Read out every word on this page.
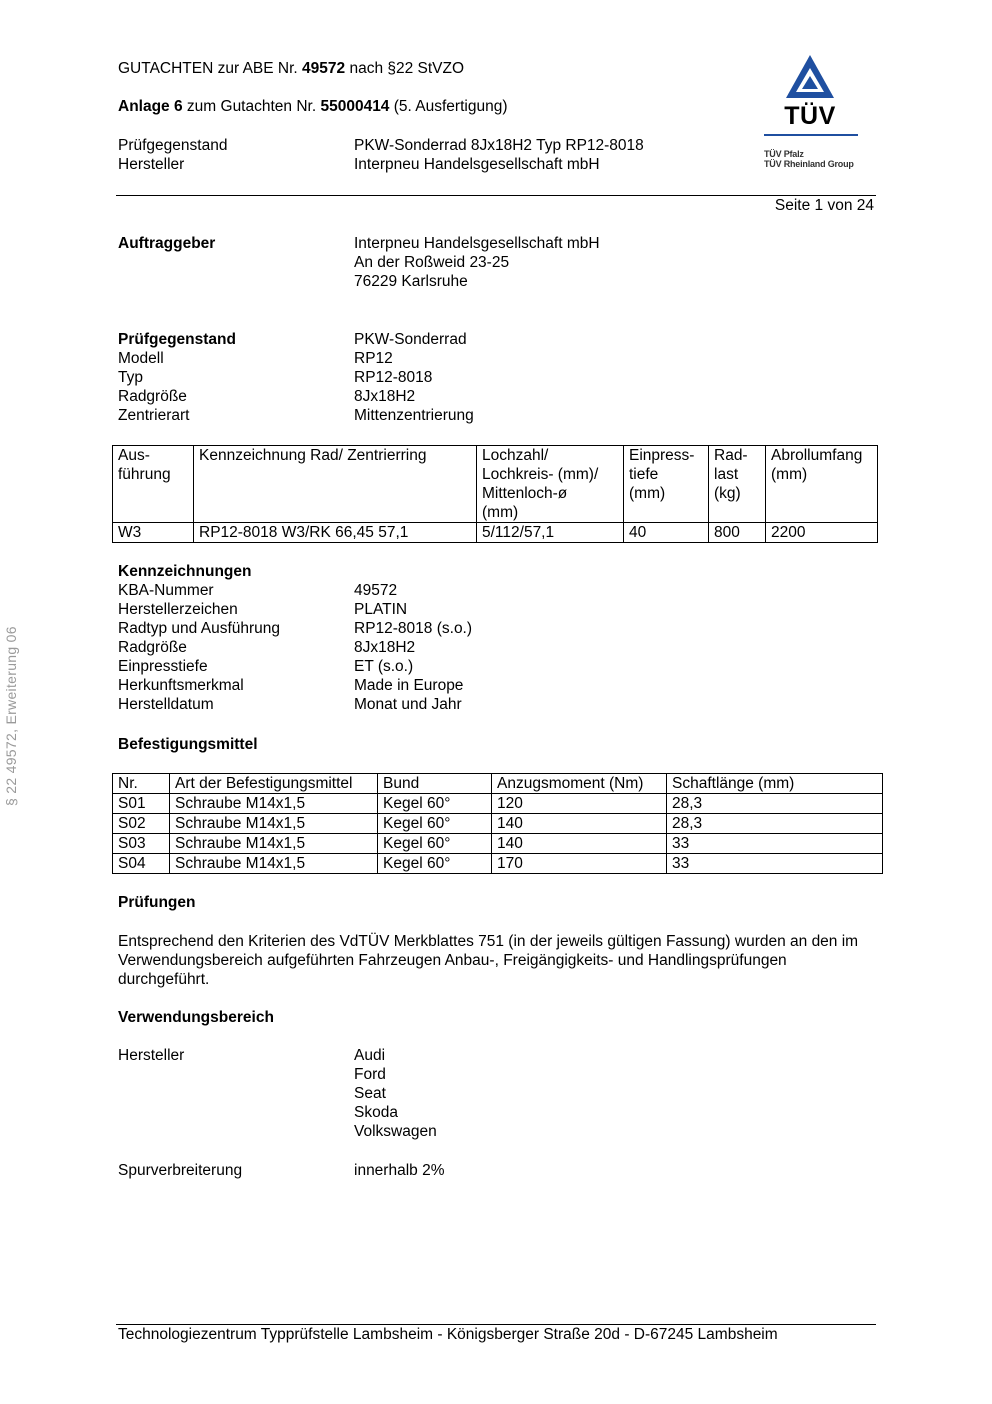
GUTACHTEN zur ABE Nr. 49572 nach §22 StVZO
Anlage 6 zum Gutachten Nr. 55000414 (5. Ausfertigung)
Prüfgegenstand	PKW-Sonderrad 8Jx18H2 Typ RP12-8018
Hersteller	Interpneu Handelsgesellschaft mbH
TÜV
TÜV Pfalz
TÜV Rheinland Group
Seite 1 von 24
Auftraggeber	Interpneu Handelsgesellschaft mbH
An der Roßweid 23-25
76229 Karlsruhe
Prüfgegenstand	PKW-Sonderrad
Modell	RP12
Typ	RP12-8018
Radgröße	8Jx18H2
Zentrierart	Mittenzentrierung
Aus-
führung	Kennzeichnung Rad/ Zentrierring	Lochzahl/
Lochkreis- (mm)/
Mittenloch-ø
(mm)	Einpress-
tiefe
(mm)	Rad-
last
(kg)	Abrollumfang
(mm)
W3	RP12-8018 W3/RK 66,45 57,1	5/112/57,1	40	800	2200
Kennzeichnungen
KBA-Nummer	49572
Herstellerzeichen	PLATIN
Radtyp und Ausführung	RP12-8018 (s.o.)
Radgröße	8Jx18H2
Einpresstiefe	ET (s.o.)
Herkunftsmerkmal	Made in Europe
Herstelldatum	Monat und Jahr
Befestigungsmittel
Nr.	Art der Befestigungsmittel	Bund	Anzugsmoment (Nm)	Schaftlänge (mm)
S01	Schraube M14x1,5	Kegel 60°	120	28,3
S02	Schraube M14x1,5	Kegel 60°	140	28,3
S03	Schraube M14x1,5	Kegel 60°	140	33
S04	Schraube M14x1,5	Kegel 60°	170	33
Prüfungen
Entsprechend den Kriterien des VdTÜV Merkblattes 751 (in der jeweils gültigen Fassung) wurden an den im Verwendungsbereich aufgeführten Fahrzeugen Anbau-, Freigängigkeits- und Handlingsprüfungen durchgeführt.
Verwendungsbereich
Hersteller	Audi
Ford
Seat
Skoda
Volkswagen
Spurverbreiterung	innerhalb 2%
§ 22 49572, Erweiterung 06
Technologiezentrum Typprüfstelle Lambsheim - Königsberger Straße 20d - D-67245 Lambsheim
